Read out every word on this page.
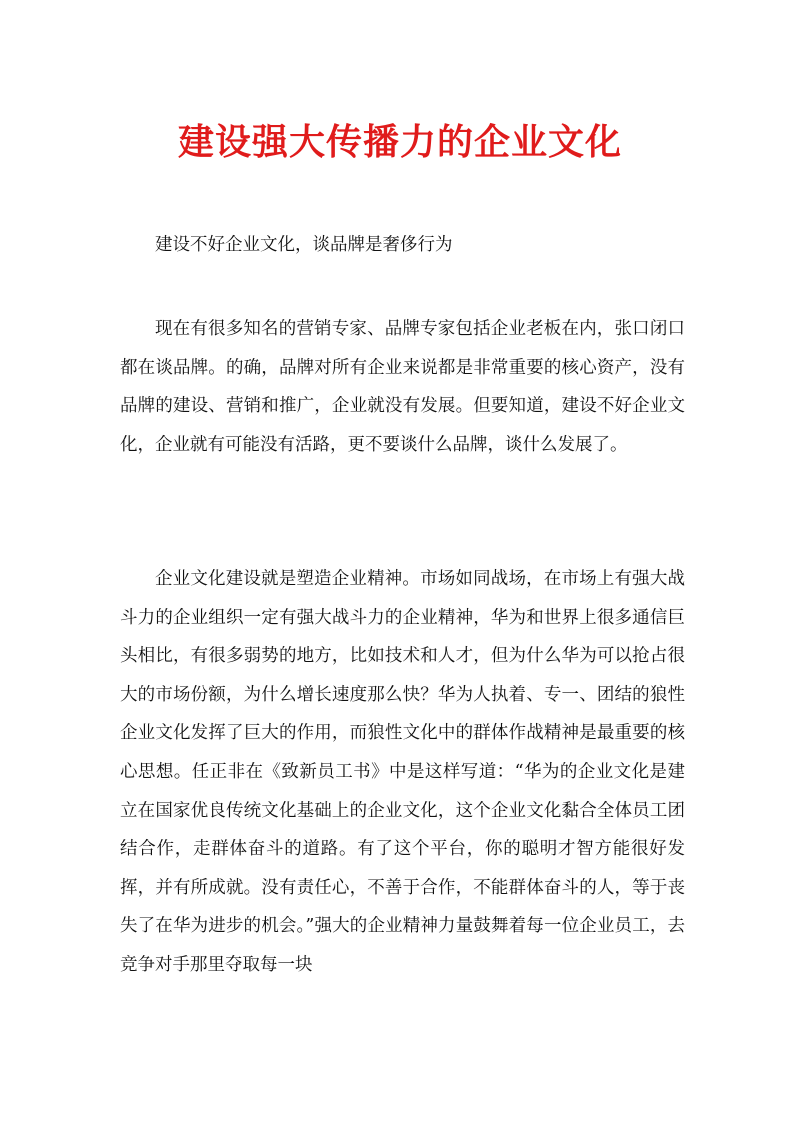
建设强大传播力的企业文化

建设不好企业文化，谈品牌是奢侈行为

现在有很多知名的营销专家、品牌专家包括企业老板在内，张口闭口都在谈品牌。的确，品牌对所有企业来说都是非常重要的核心资产，没有品牌的建设、营销和推广，企业就没有发展。但要知道，建设不好企业文化，企业就有可能没有活路，更不要谈什么品牌，谈什么发展了。

企业文化建设就是塑造企业精神。市场如同战场，在市场上有强大战斗力的企业组织一定有强大战斗力的企业精神，华为和世界上很多通信巨头相比，有很多弱势的地方，比如技术和人才，但为什么华为可以抢占很大的市场份额，为什么增长速度那么快？华为人执着、专一、团结的狼性企业文化发挥了巨大的作用，而狼性文化中的群体作战精神是最重要的核心思想。任正非在《致新员工书》中是这样写道：“华为的企业文化是建立在国家优良传统文化基础上的企业文化，这个企业文化黏合全体员工团结合作，走群体奋斗的道路。有了这个平台，你的聪明才智方能很好发挥，并有所成就。没有责任心，不善于合作，不能群体奋斗的人，等于丧失了在华为进步的机会。”强大的企业精神力量鼓舞着每一位企业员工，去竞争对手那里夺取每一块
